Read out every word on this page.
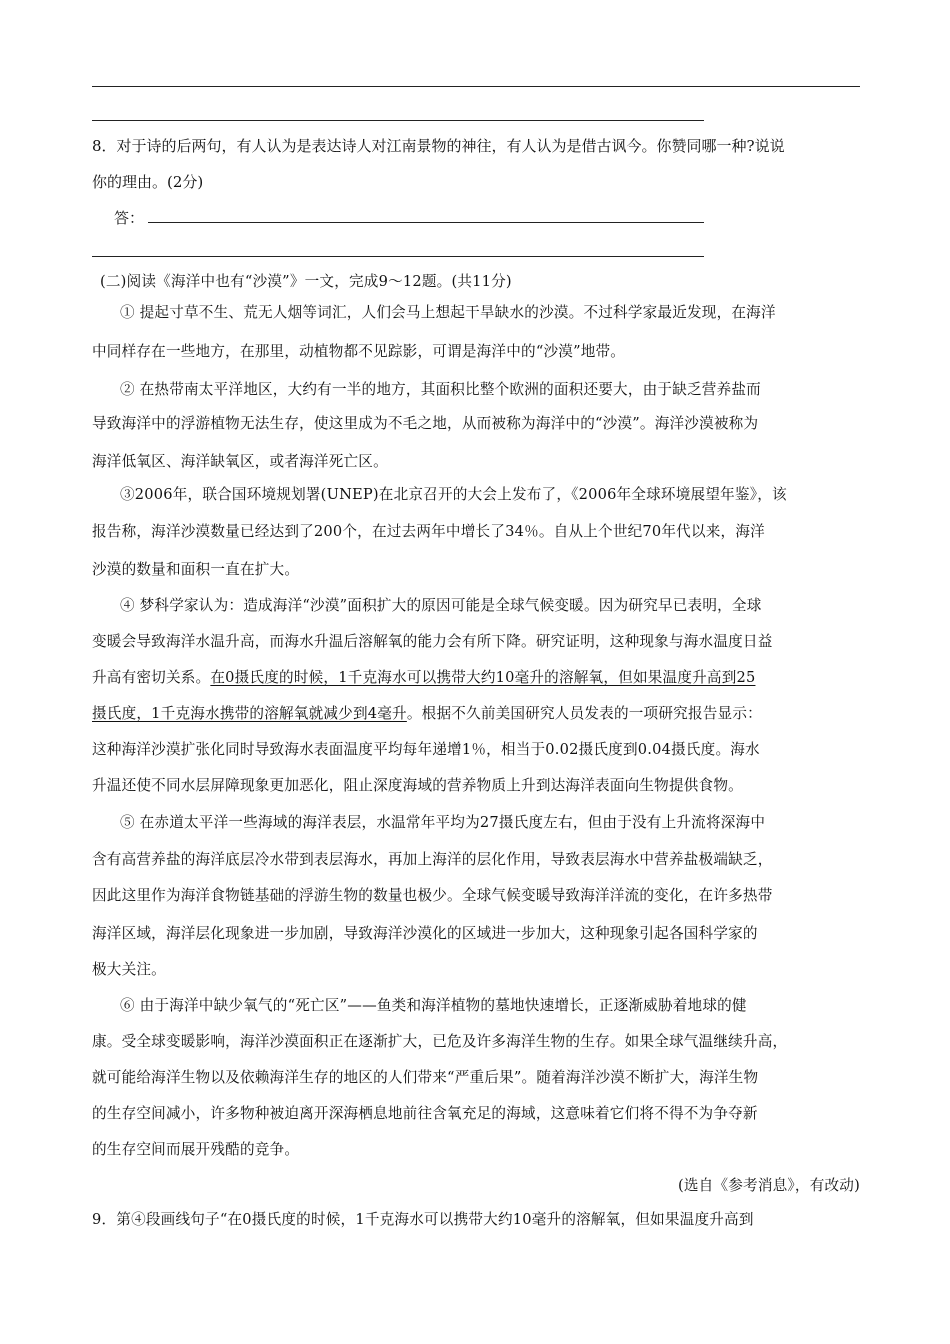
8．对于诗的后两句，有人认为是表达诗人对江南景物的神往，有人认为是借古讽今。你赞同哪一种?说说
你的理由。(2分)
答：
(二)阅读《海洋中也有“沙漠”》一文，完成9～12题。(共11分)
① 提起寸草不生、荒无人烟等词汇，人们会马上想起干旱缺水的沙漠。不过科学家最近发现，在海洋
中同样存在一些地方，在那里，动植物都不见踪影，可谓是海洋中的“沙漠”地带。
② 在热带南太平洋地区，大约有一半的地方，其面积比整个欧洲的面积还要大，由于缺乏营养盐而
导致海洋中的浮游植物无法生存，使这里成为不毛之地，从而被称为海洋中的“沙漠”。海洋沙漠被称为
海洋低氧区、海洋缺氧区，或者海洋死亡区。
③2006年，联合国环境规划署(UNEP)在北京召开的大会上发布了，《2006年全球环境展望年鉴》，该
报告称，海洋沙漠数量已经达到了200个，在过去两年中增长了34％。自从上个世纪70年代以来，海洋
沙漠的数量和面积一直在扩大。
④ 梦科学家认为：造成海洋“沙漠”面积扩大的原因可能是全球气候变暖。因为研究早已表明，全球
变暖会导致海洋水温升高，而海水升温后溶解氧的能力会有所下降。研究证明，这种现象与海水温度日益
升高有密切关系。在0摄氏度的时候，1千克海水可以携带大约10毫升的溶解氧，但如果温度升高到25
摄氏度，1千克海水携带的溶解氧就减少到4毫升。根据不久前美国研究人员发表的一项研究报告显示：
这种海洋沙漠扩张化同时导致海水表面温度平均每年递增1％，相当于0.02摄氏度到0.04摄氏度。海水
升温还使不同水层屏障现象更加恶化，阻止深度海域的营养物质上升到达海洋表面向生物提供食物。
⑤ 在赤道太平洋一些海域的海洋表层，水温常年平均为27摄氏度左右，但由于没有上升流将深海中
含有高营养盐的海洋底层冷水带到表层海水，再加上海洋的层化作用，导致表层海水中营养盐极端缺乏，
因此这里作为海洋食物链基础的浮游生物的数量也极少。全球气候变暖导致海洋洋流的变化，在许多热带
海洋区域，海洋层化现象进一步加剧，导致海洋沙漠化的区域进一步加大，这种现象引起各国科学家的
极大关注。
⑥ 由于海洋中缺少氧气的“死亡区”——鱼类和海洋植物的墓地快速增长，正逐渐威胁着地球的健
康。受全球变暖影响，海洋沙漠面积正在逐渐扩大，已危及许多海洋生物的生存。如果全球气温继续升高，
就可能给海洋生物以及依赖海洋生存的地区的人们带来“严重后果”。随着海洋沙漠不断扩大，海洋生物
的生存空间减小，许多物种被迫离开深海栖息地前往含氧充足的海域，这意味着它们将不得不为争夺新
的生存空间而展开残酷的竞争。
(选自《参考消息》，有改动)
9．第④段画线句子“在0摄氏度的时候，1千克海水可以携带大约10毫升的溶解氧，但如果温度升高到
